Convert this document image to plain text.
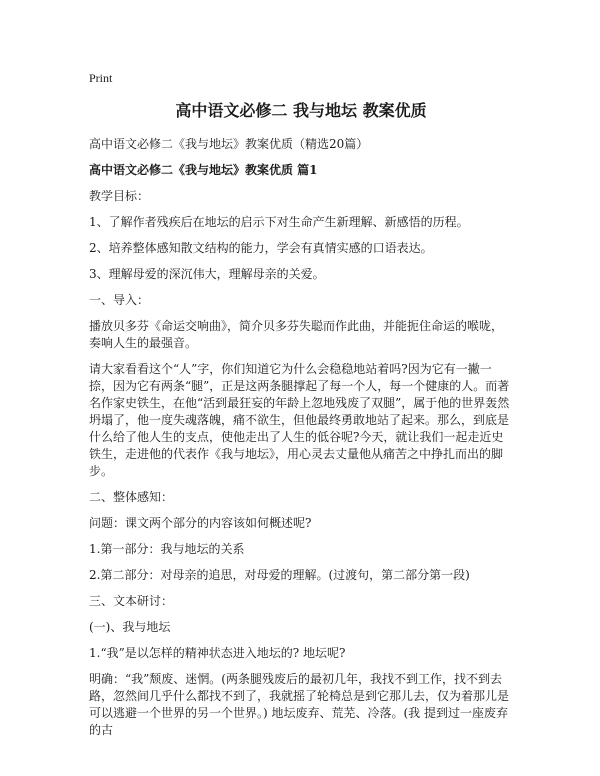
Print
高中语文必修二 我与地坛 教案优质

高中语文必修二《我与地坛》教案优质（精选20篇）

高中语文必修二《我与地坛》教案优质 篇1

教学目标：

1、了解作者残疾后在地坛的启示下对生命产生新理解、新感悟的历程。

2、培养整体感知散文结构的能力，学会有真情实感的口语表达。

3、理解母爱的深沉伟大，理解母亲的关爱。

一、导入：

播放贝多芬《命运交响曲》，简介贝多芬失聪而作此曲，并能扼住命运的喉咙，奏响人生的最强音。

请大家看看这个“人”字，你们知道它为什么会稳稳地站着吗?因为它有一撇一捺，因为它有两条“腿”，正是这两条腿撑起了每一个人，每一个健康的人。而著名作家史铁生，在他“活到最狂妄的年龄上忽地残废了双腿”，属于他的世界轰然坍塌了，他一度失魂落魄，痛不欲生，但他最终勇敢地站了起来。那么，到底是什么给了他人生的支点，使他走出了人生的低谷呢?今天，就让我们一起走近史铁生，走进他的代表作《我与地坛》，用心灵去丈量他从痛苦之中挣扎而出的脚步。

二、整体感知：

问题：课文两个部分的内容该如何概述呢?

1.第一部分：我与地坛的关系

2.第二部分：对母亲的追思，对母爱的理解。(过渡句，第二部分第一段)

三、文本研讨：

(一)、我与地坛

1.“我”是以怎样的精神状态进入地坛的? 地坛呢?

明确：“我”颓废、迷惘。(两条腿残废后的最初几年，我找不到工作，找不到去路，忽然间几乎什么都找不到了，我就摇了轮椅总是到它那儿去，仅为着那儿是可以逃避一个世界的另一个世界。) 地坛废弃、荒芜、冷落。(我 提到过一座废弃的古
